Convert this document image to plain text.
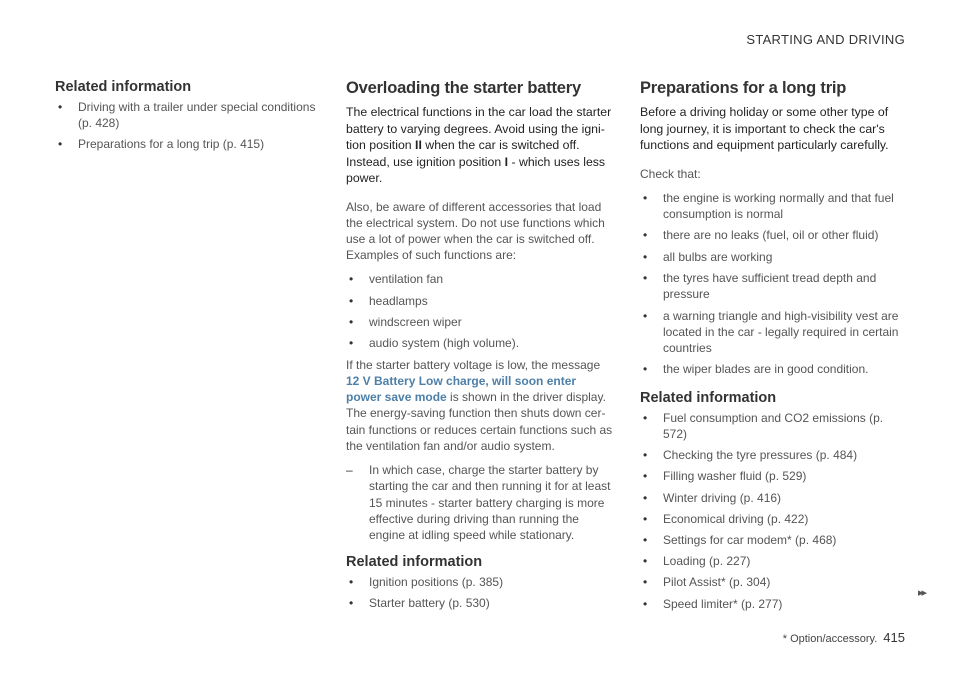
STARTING AND DRIVING
Related information
• Driving with a trailer under special conditions (p. 428)
• Preparations for a long trip (p. 415)
Overloading the starter battery

The electrical functions in the car load the starter battery to varying degrees. Avoid using the igni-tion position II when the car is switched off. Instead, use ignition position I - which uses less power.

Also, be aware of different accessories that load the electrical system. Do not use functions which use a lot of power when the car is switched off. Examples of such functions are:

• ventilation fan
• headlamps
• windscreen wiper
• audio system (high volume).

If the starter battery voltage is low, the message 12 V Battery Low charge, will soon enter power save mode is shown in the driver display. The energy-saving function then shuts down cer-tain functions or reduces certain functions such as the ventilation fan and/or audio system.

– In which case, charge the starter battery by starting the car and then running it for at least 15 minutes - starter battery charging is more effective during driving than running the engine at idling speed while stationary.
Related information
• Ignition positions (p. 385)
• Starter battery (p. 530)
Preparations for a long trip

Before a driving holiday or some other type of long journey, it is important to check the car's functions and equipment particularly carefully.

Check that:

• the engine is working normally and that fuel consumption is normal
• there are no leaks (fuel, oil or other fluid)
• all bulbs are working
• the tyres have sufficient tread depth and pressure
• a warning triangle and high-visibility vest are located in the car - legally required in certain countries
• the wiper blades are in good condition.
Related information
• Fuel consumption and CO2 emissions (p. 572)
• Checking the tyre pressures (p. 484)
• Filling washer fluid (p. 529)
• Winter driving (p. 416)
• Economical driving (p. 422)
• Settings for car modem* (p. 468)
• Loading (p. 227)
• Pilot Assist* (p. 304)
• Speed limiter* (p. 277)
▸▸
* Option/accessory. 415
